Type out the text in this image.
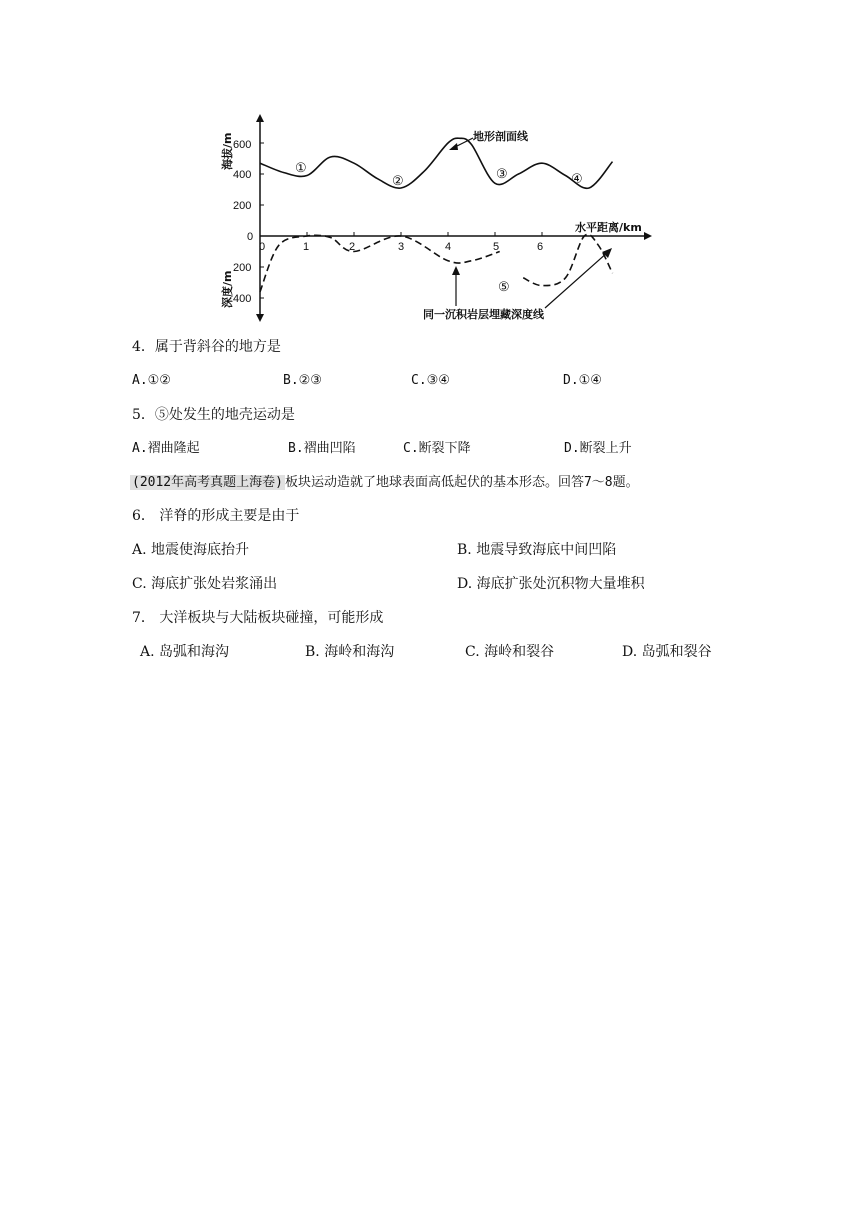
600
400
200
0
200
400
0	1	2	3	4	5	6
海拔/m
深度/m
水平距离/km
①
②	③	④
⑤
地形剖面线
同一沉积岩层埋藏深度线
4．属于背斜谷的地方是
A.①②	B.②③	C.③④	D.①④
5．⑤处发生的地壳运动是
A.褶曲隆起	B.褶曲凹陷	C.断裂下降	D.断裂上升
(2012年高考真题上海卷) 板块运动造就了地球表面高低起伏的基本形态。回答7～8题。
6． 洋脊的形成主要是由于
A. 地震使海底抬升	B. 地震导致海底中间凹陷
C. 海底扩张处岩浆涌出	D. 海底扩张处沉积物大量堆积
7． 大洋板块与大陆板块碰撞，可能形成
A. 岛弧和海沟	B. 海岭和海沟	C. 海岭和裂谷	D. 岛弧和裂谷
